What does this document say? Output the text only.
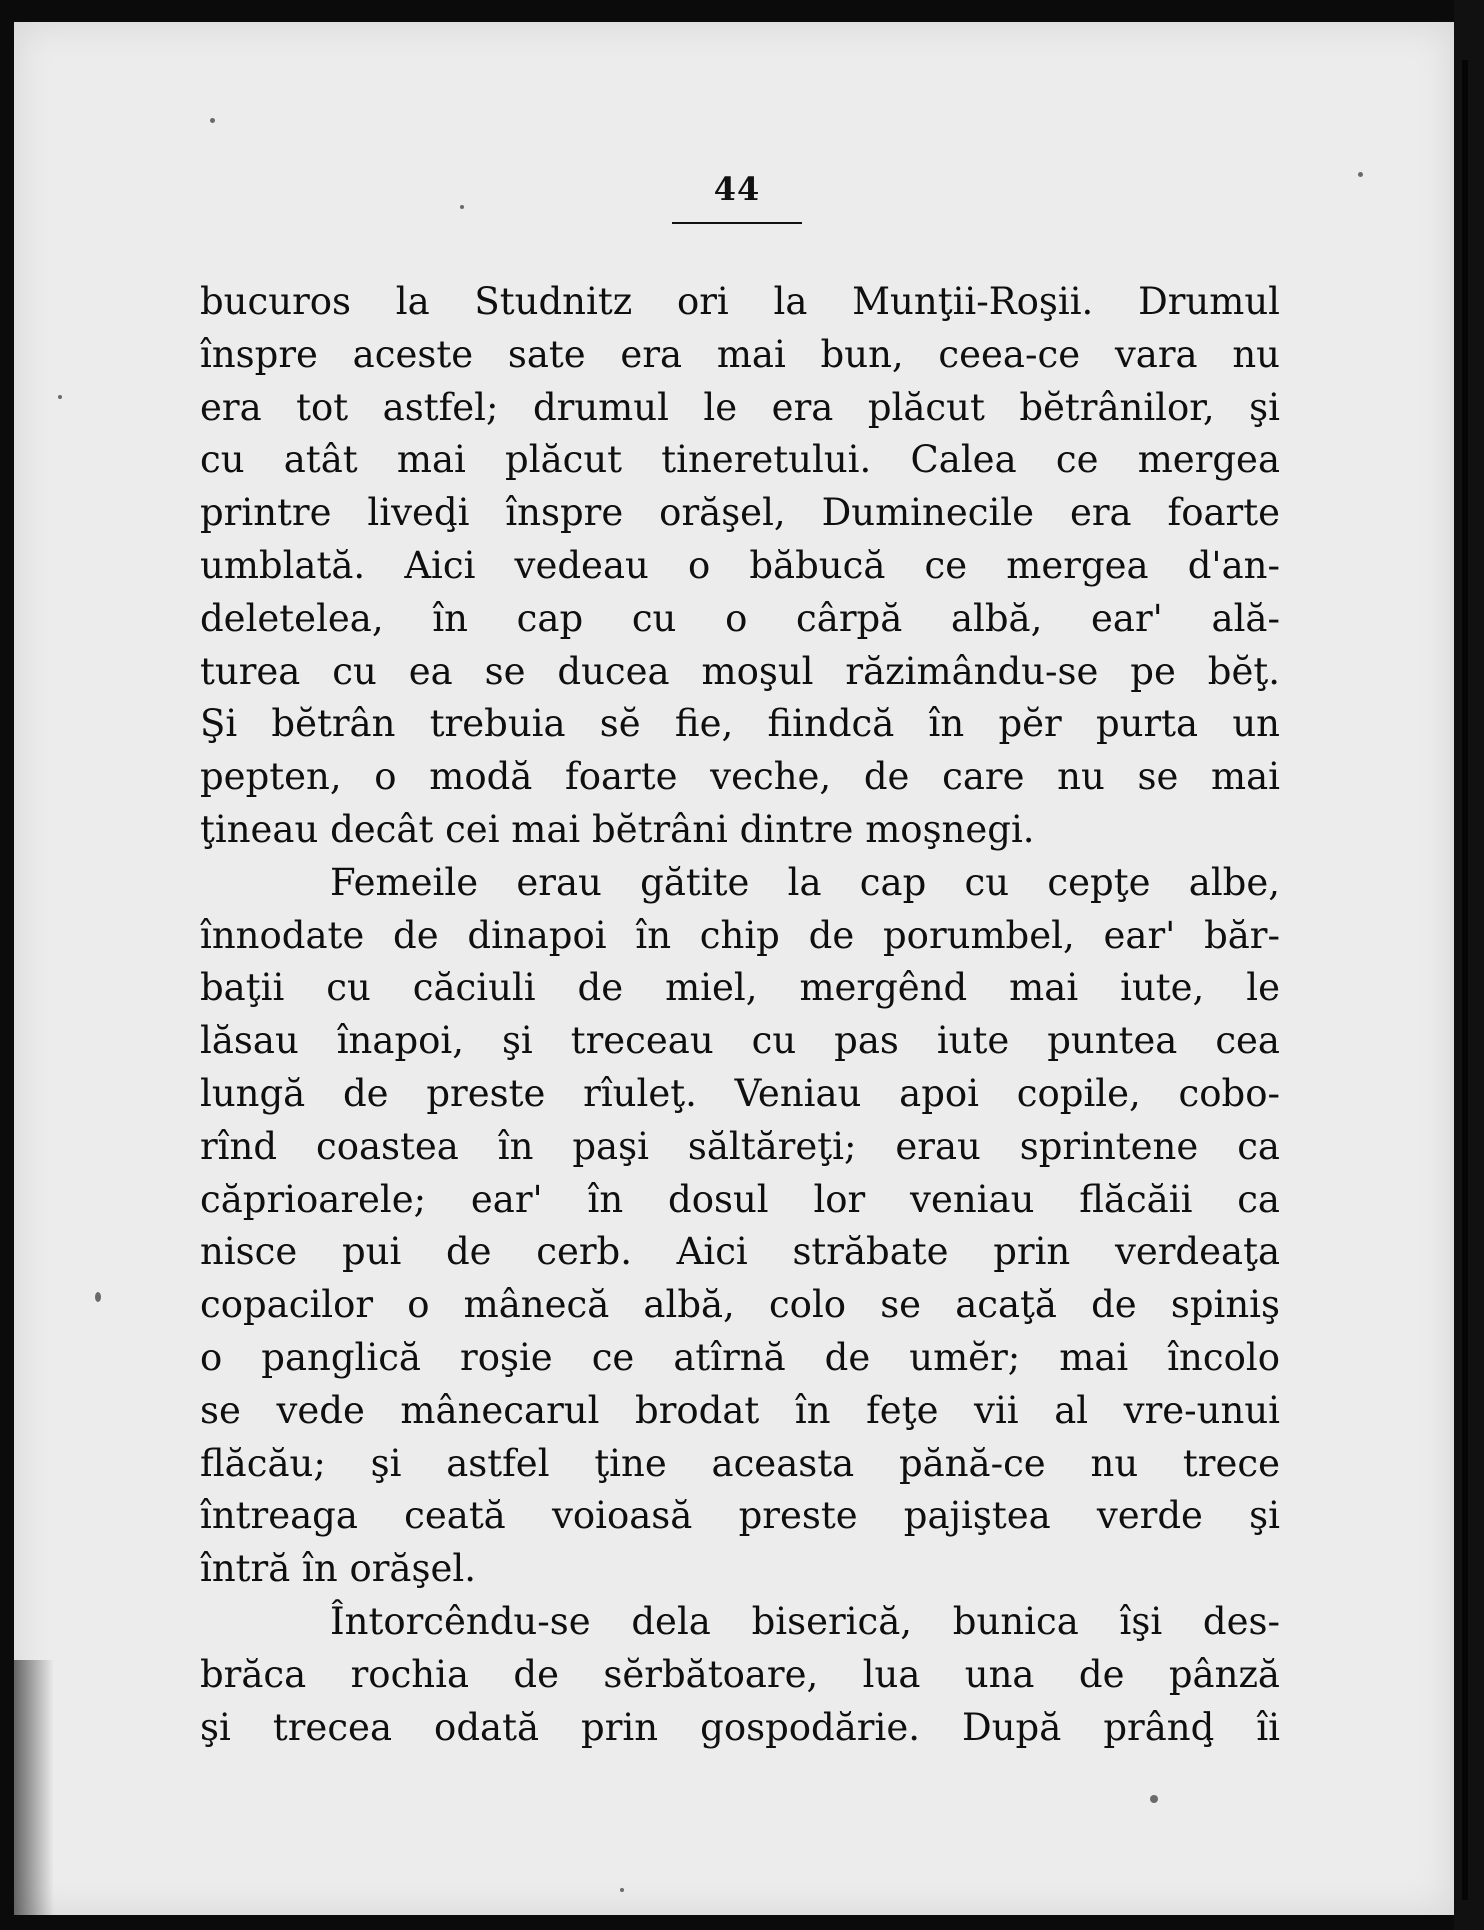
44
bucuros la Studnitz ori la Munţii-Roşii. Drumul
înspre aceste sate era mai bun, ceea-ce vara nu
era tot astfel; drumul le era plăcut bĕtrânilor, şi
cu atât mai plăcut tineretului. Calea ce mergea
printre liveḑi înspre orăşel, Duminecile era foarte
umblată. Aici vedeau o băbucă ce mergea d'an-
deletelea, în cap cu o cârpă albă, ear' ală-
turea cu ea se ducea moşul răzimându-se pe bĕţ.
Şi bĕtrân trebuia sĕ fie, fiindcă în pĕr purta un
pepten, o modă foarte veche, de care nu se mai
ţineau decât cei mai bĕtrâni dintre moşnegi.
Femeile erau gătite la cap cu cepţe albe,
înnodate de dinapoi în chip de porumbel, ear' băr-
baţii cu căciuli de miel, mergênd mai iute, le
lăsau înapoi, şi treceau cu pas iute puntea cea
lungă de preste rîuleţ. Veniau apoi copile, cobo-
rînd coastea în paşi săltăreţi; erau sprintene ca
căprioarele; ear' în dosul lor veniau flăcăii ca
nisce pui de cerb. Aici străbate prin verdeaţa
copacilor o mânecă albă, colo se acaţă de spiniş
o panglică roşie ce atîrnă de umĕr; mai încolo
se vede mânecarul brodat în feţe vii al vre-unui
flăcău; şi astfel ţine aceasta pănă-ce nu trece
întreaga ceată voioasă preste pajiştea verde şi
întră în orăşel.
Întorcêndu-se dela biserică, bunica îşi des-
brăca rochia de sĕrbătoare, lua una de pânză
şi trecea odată prin gospodărie. După prânḑ îi
